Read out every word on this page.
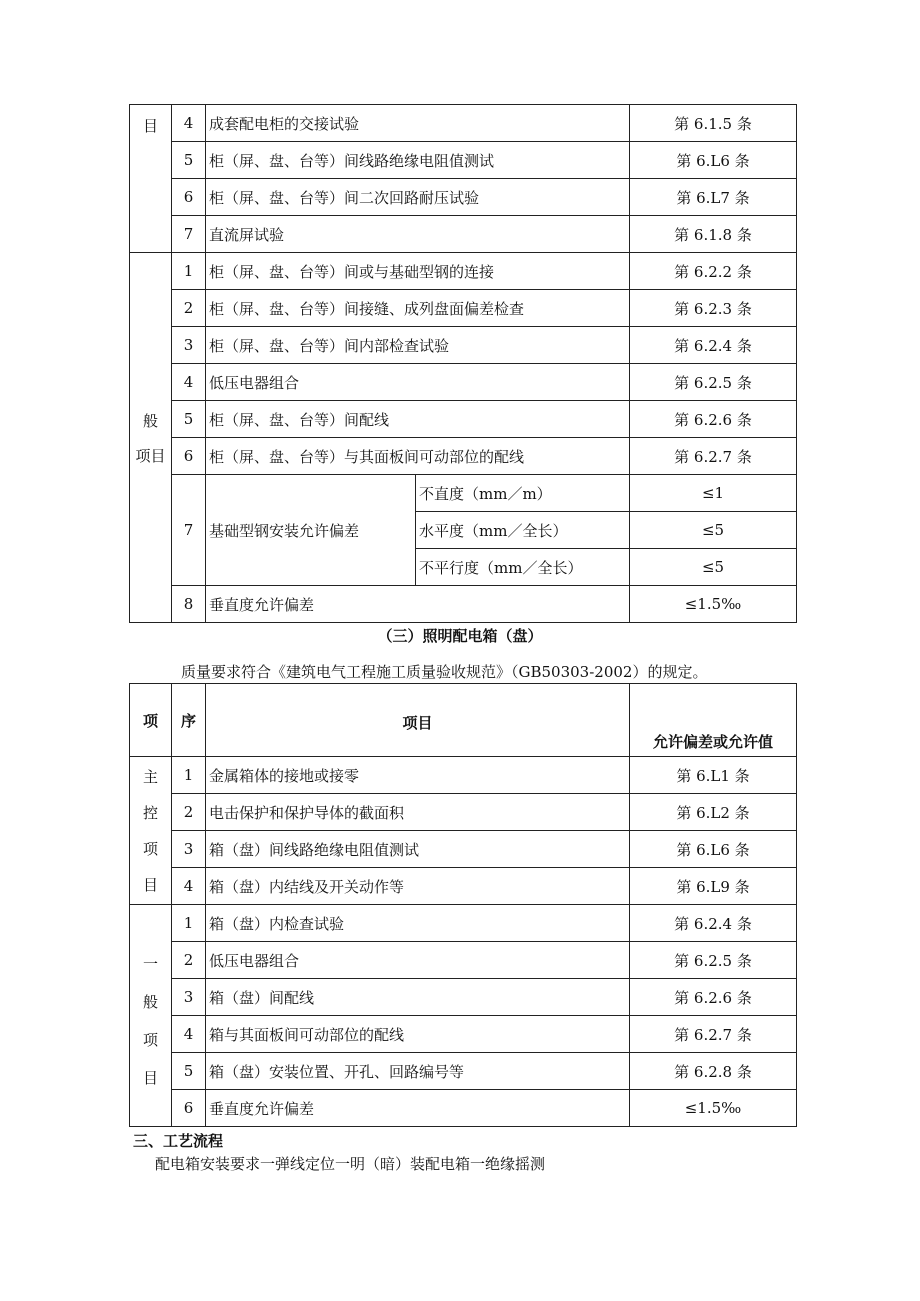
目	4	成套配电柜的交接试验		第 6.1.5 条
	5	柜（屏、盘、台等）间线路绝缘电阻值测试		第 6.L6 条
	6	柜（屏、盘、台等）间二次回路耐压试验		第 6.L7 条
	7	直流屏试验		第 6.1.8 条

般
项目	1	柜（屏、盘、台等）间或与基础型钢的连接		第 6.2.2 条
	2	柜（屏、盘、台等）间接缝、成列盘面偏差检查		第 6.2.3 条
	3	柜（屏、盘、台等）间内部检查试验		第 6.2.4 条
	4	低压电器组合		第 6.2.5 条
	5	柜（屏、盘、台等）间配线		第 6.2.6 条
	6	柜（屏、盘、台等）与其面板间可动部位的配线		第 6.2.7 条
	7	基础型钢安装允许偏差	不直度（mm／m）	≤1
			水平度（mm／全长）	≤5
			不平行度（mm／全长）	≤5
	8	垂直度允许偏差		≤1.5‰
（三）照明配电箱（盘）
质量要求符合《建筑电气工程施工质量验收规范》（GB50303-2002）的规定。
项	序	项目	允许偏差或允许值

主
控
项
目	1	金属箱体的接地或接零	第 6.L1 条
	2	电击保护和保护导体的截面积	第 6.L2 条
	3	箱（盘）间线路绝缘电阻值测试	第 6.L6 条
	4	箱（盘）内结线及开关动作等	第 6.L9 条

一
般
项
目	1	箱（盘）内检查试验	第 6.2.4 条
	2	低压电器组合	第 6.2.5 条
	3	箱（盘）间配线	第 6.2.6 条
	4	箱与其面板间可动部位的配线	第 6.2.7 条
	5	箱（盘）安装位置、开孔、回路编号等	第 6.2.8 条
	6	垂直度允许偏差	≤1.5‰
三、工艺流程
配电箱安装要求一弹线定位一明（暗）装配电箱一绝缘摇测
